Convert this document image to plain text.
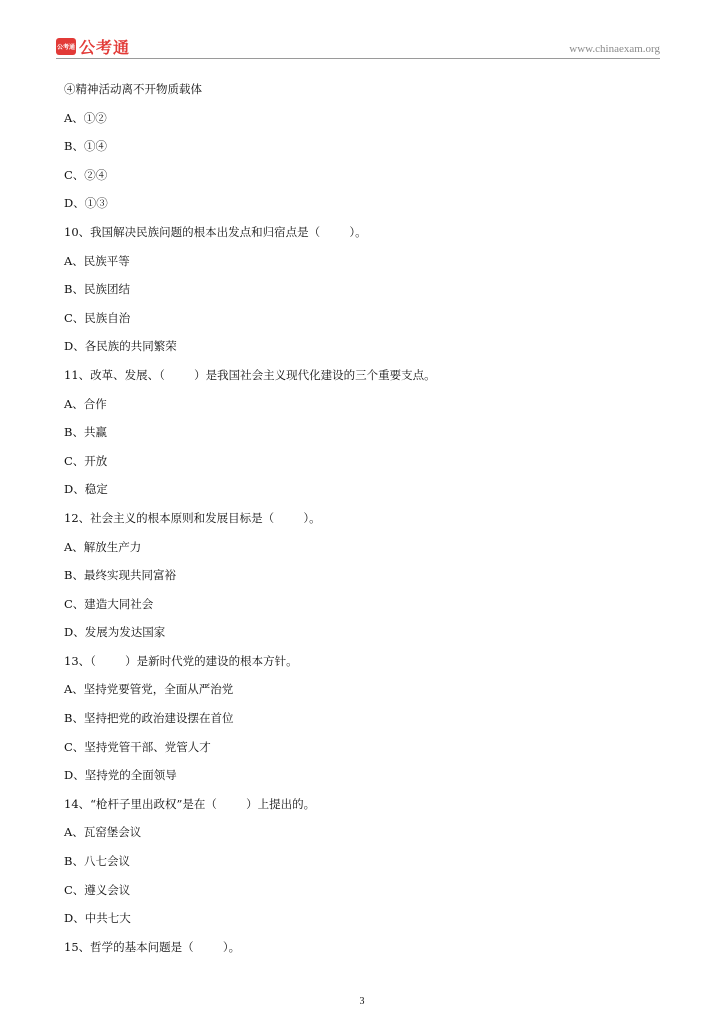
公考通 公考通	www.chinaexam.org
④精神活动离不开物质载体
A、①②
B、①④
C、②④
D、①③
10、我国解决民族问题的根本出发点和归宿点是（        ）。
A、民族平等
B、民族团结
C、民族自治
D、各民族的共同繁荣
11、改革、发展、（        ）是我国社会主义现代化建设的三个重要支点。
A、合作
B、共赢
C、开放
D、稳定
12、社会主义的根本原则和发展目标是（        ）。
A、解放生产力
B、最终实现共同富裕
C、建造大同社会
D、发展为发达国家
13、（        ）是新时代党的建设的根本方针。
A、坚持党要管党，全面从严治党
B、坚持把党的政治建设摆在首位
C、坚持党管干部、党管人才
D、坚持党的全面领导
14、“枪杆子里出政权”是在（        ）上提出的。
A、瓦窑堡会议
B、八七会议
C、遵义会议
D、中共七大
15、哲学的基本问题是（        ）。
3
